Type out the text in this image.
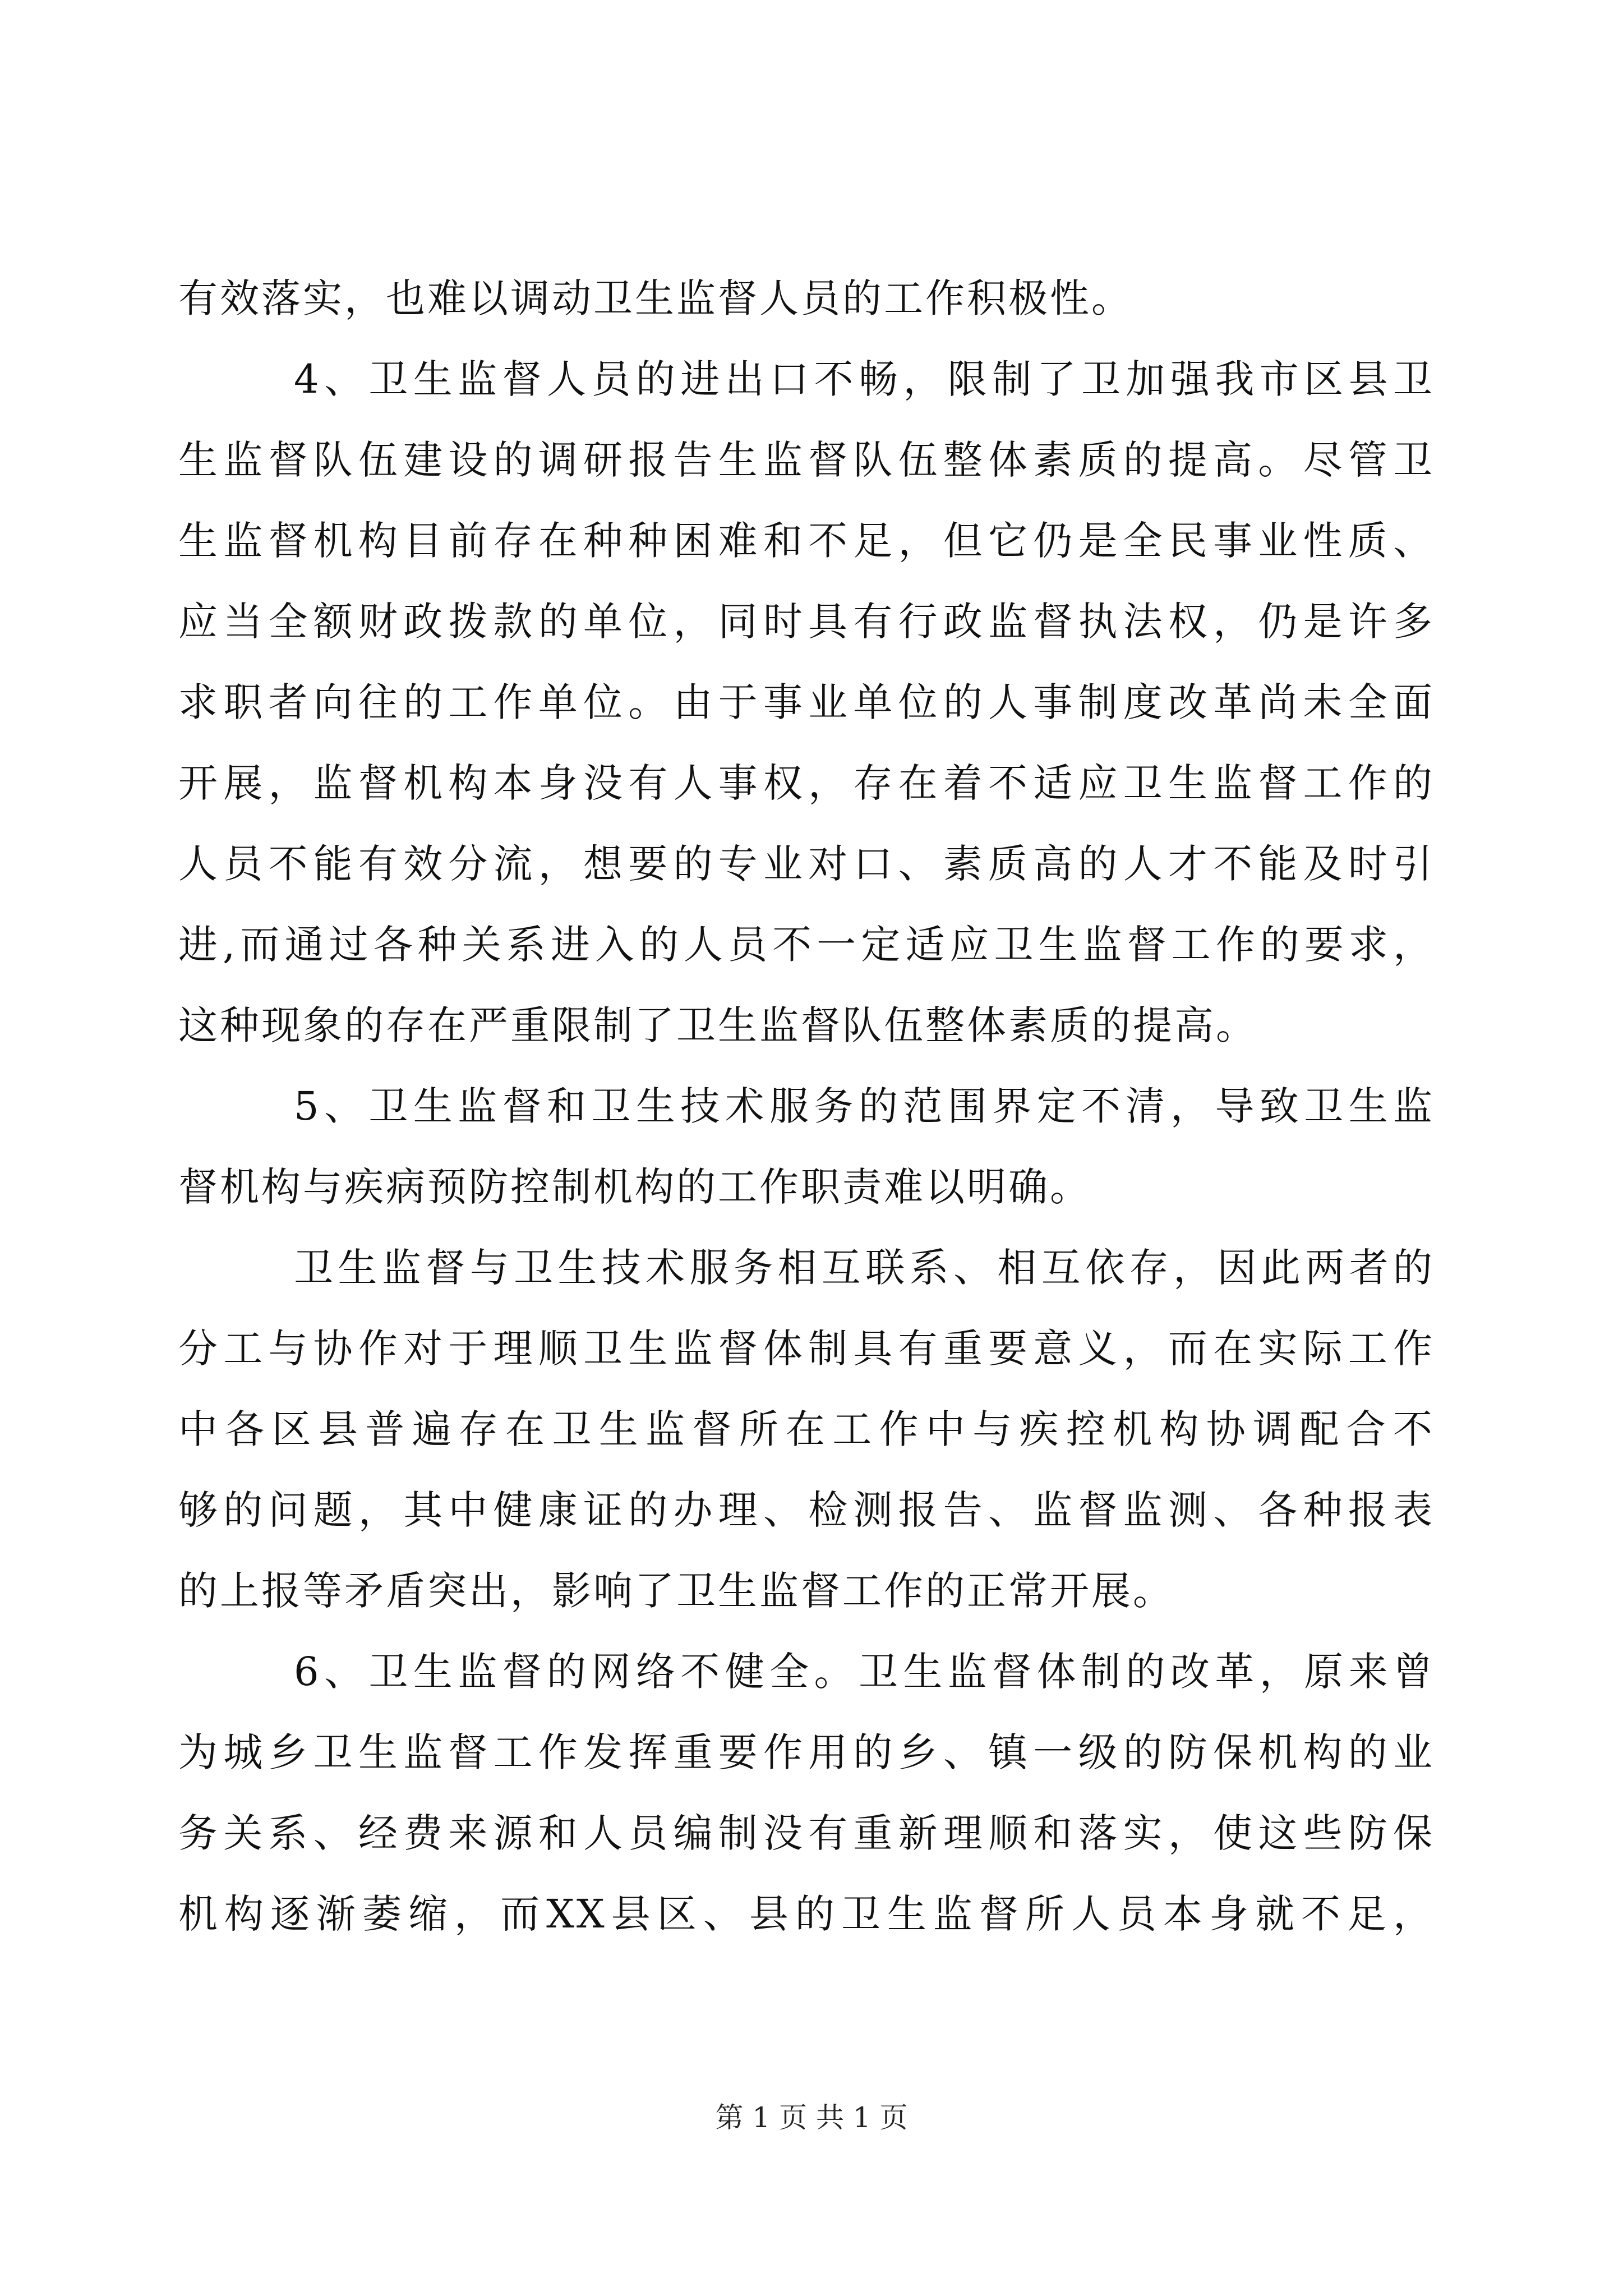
有效落实，也难以调动卫生监督人员的工作积极性。
4、卫生监督人员的进出口不畅，限制了卫加强我市区县卫
生监督队伍建设的调研报告生监督队伍整体素质的提高。尽管卫
生监督机构目前存在种种困难和不足，但它仍是全民事业性质、
应当全额财政拨款的单位，同时具有行政监督执法权，仍是许多
求职者向往的工作单位。由于事业单位的人事制度改革尚未全面
开展，监督机构本身没有人事权，存在着不适应卫生监督工作的
人员不能有效分流，想要的专业对口、素质高的人才不能及时引
进,而通过各种关系进入的人员不一定适应卫生监督工作的要求，
这种现象的存在严重限制了卫生监督队伍整体素质的提高。
5、卫生监督和卫生技术服务的范围界定不清，导致卫生监
督机构与疾病预防控制机构的工作职责难以明确。
卫生监督与卫生技术服务相互联系、相互依存，因此两者的
分工与协作对于理顺卫生监督体制具有重要意义，而在实际工作
中各区县普遍存在卫生监督所在工作中与疾控机构协调配合不
够的问题，其中健康证的办理、检测报告、监督监测、各种报表
的上报等矛盾突出，影响了卫生监督工作的正常开展。
6、卫生监督的网络不健全。卫生监督体制的改革，原来曾
为城乡卫生监督工作发挥重要作用的乡、镇一级的防保机构的业
务关系、经费来源和人员编制没有重新理顺和落实，使这些防保
机构逐渐萎缩，而XX县区、县的卫生监督所人员本身就不足，
第 1 页 共 1 页
